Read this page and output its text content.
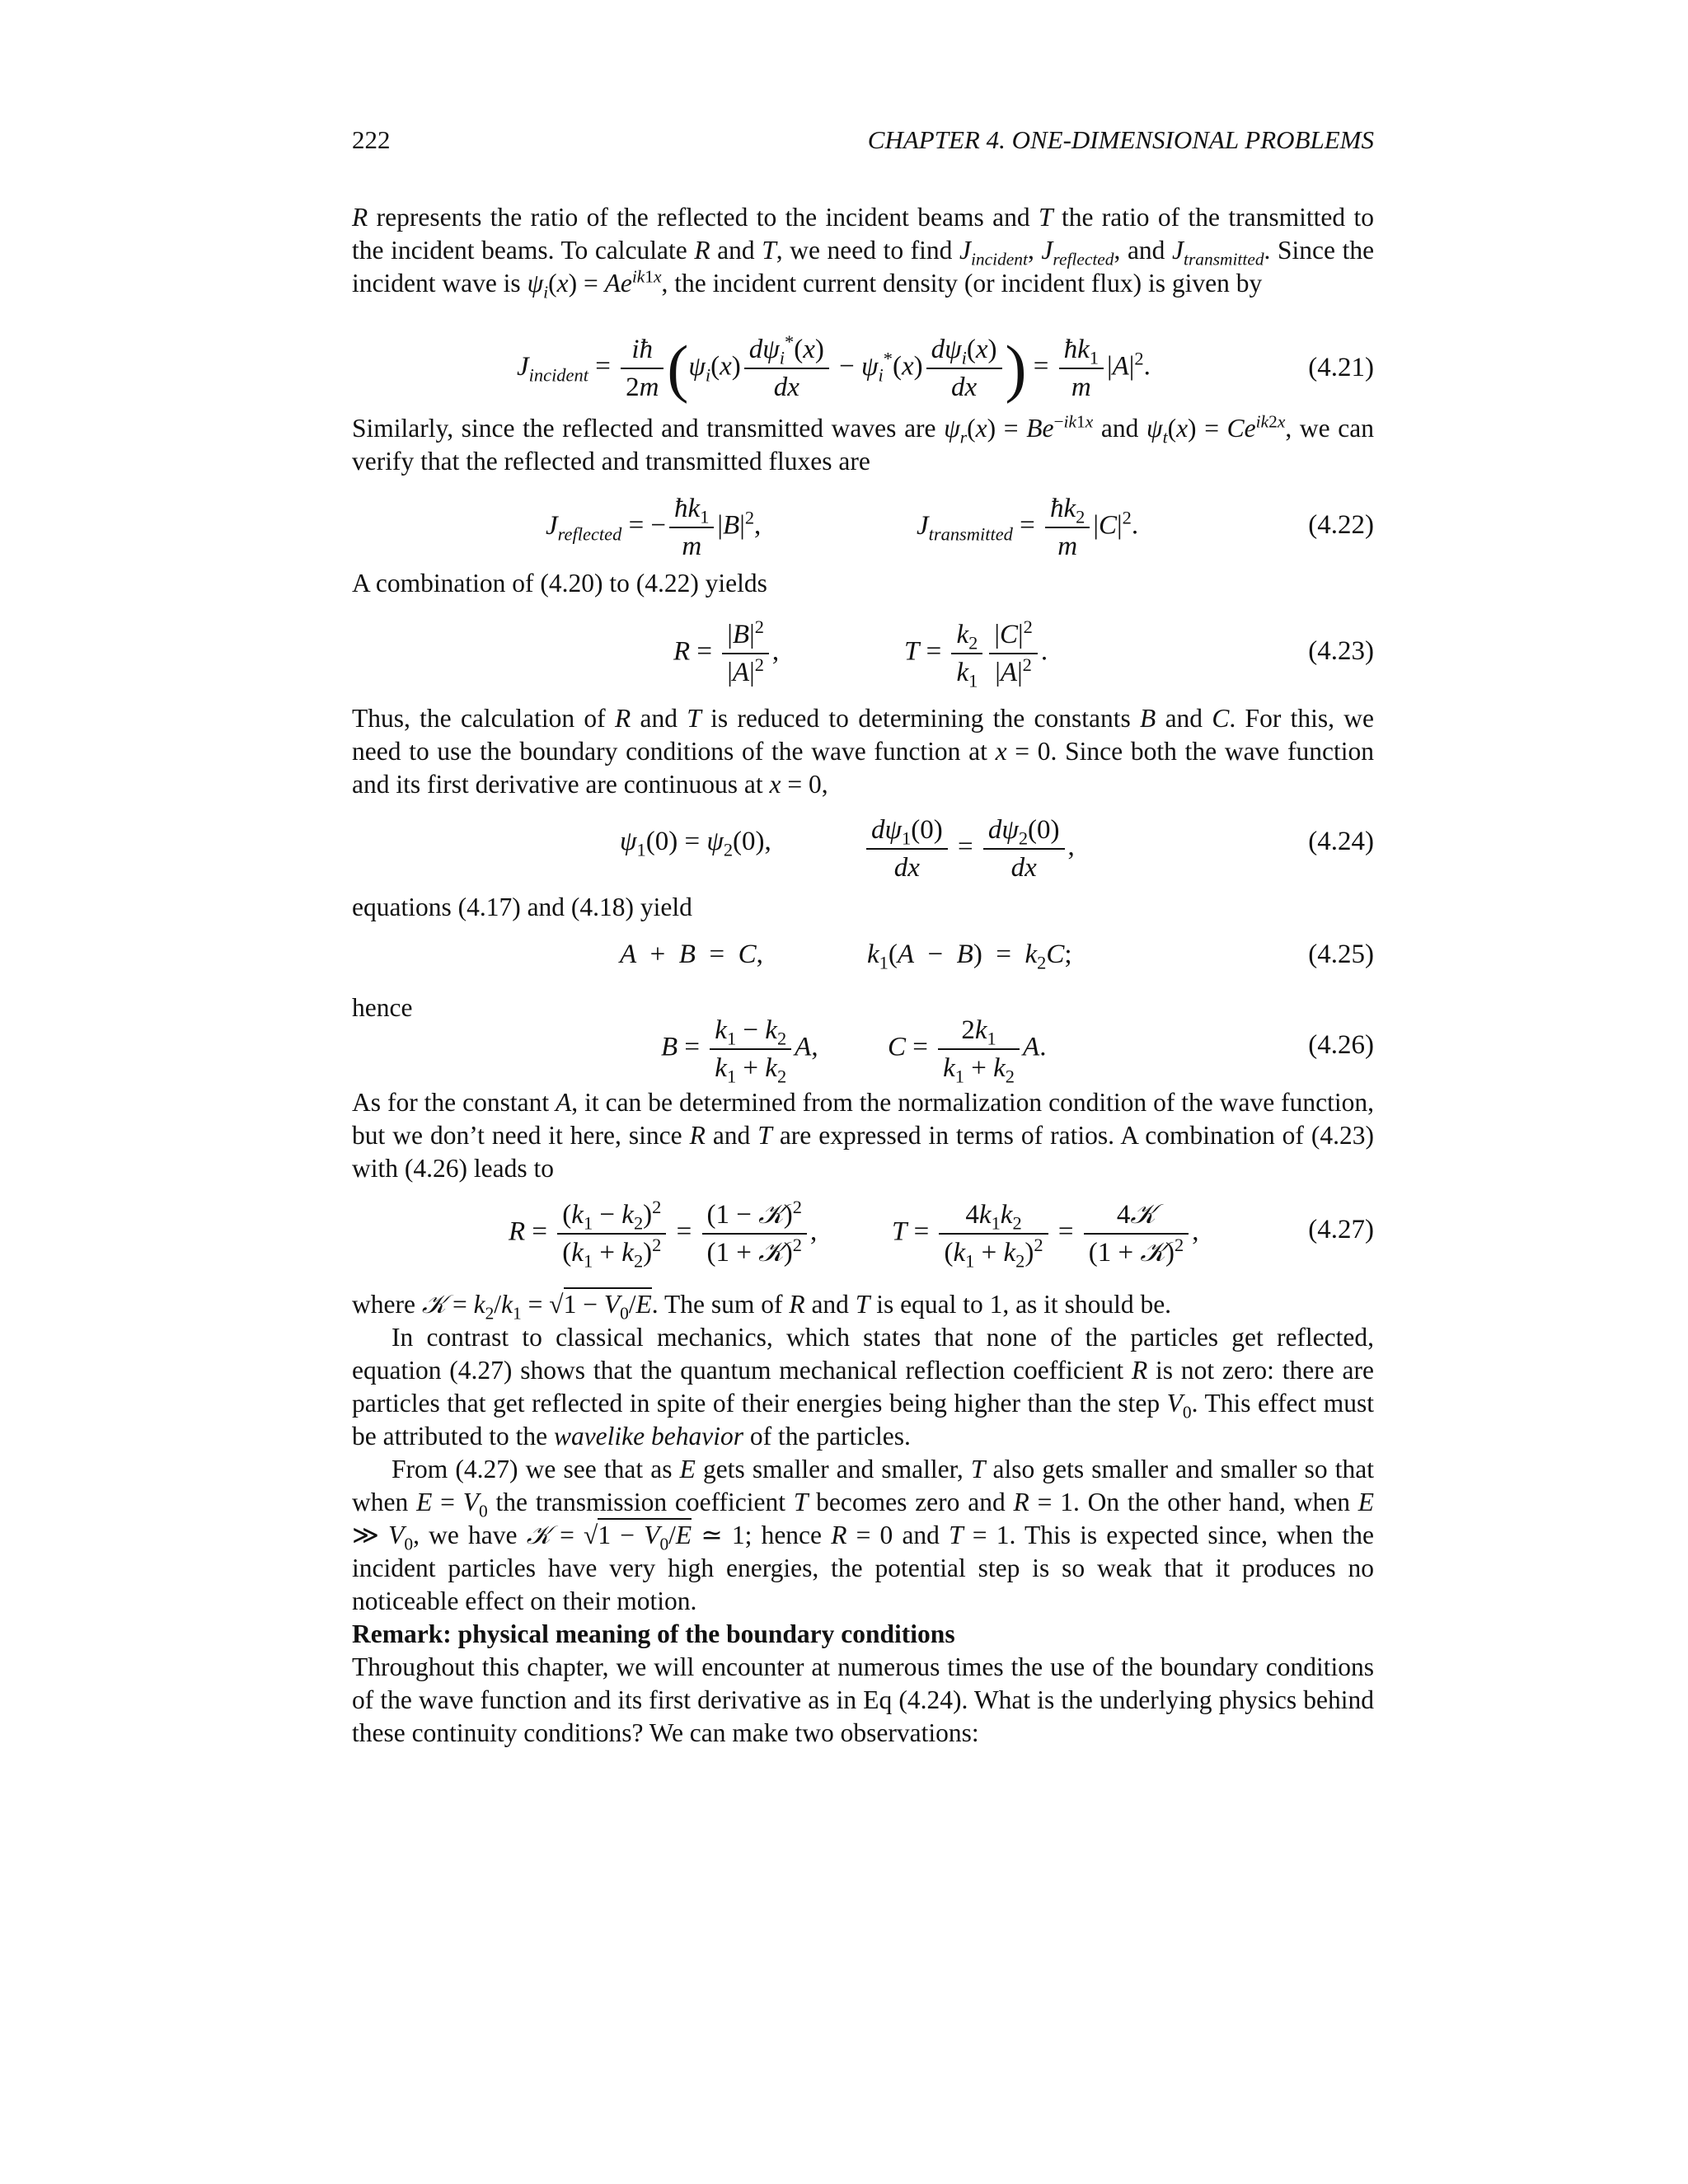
222	CHAPTER 4. ONE-DIMENSIONAL PROBLEMS

R represents the ratio of the reflected to the incident beams and T the ratio of the transmitted to the incident beams. To calculate R and T, we need to find $J_{incident}$, $J_{reflected}$, and $J_{transmitted}$. Since the incident wave is $\psi_i(x) = Ae^{ik1x}$, the incident current density (or incident flux) is given by

$J_{incident} = \frac{iħ}{2m} (\psi_i(x) \frac{d\psi_i^*(x)}{dx} - \psi_i^*(x) \frac{d\psi_i(x)}{dx}$ ) = $\frac{ħk_1}{m} |A|^2$.	(4.21)

Similarly, since the reflected and transmitted waves are $\psi_r(x) = Be^{-ik1x}$ and $\psi_t(x) = Ce^{ik2x}$, we can verify that the reflected and transmitted fluxes are

$J_{reflected}$ = − $\frac{ħk_1}{m} |B|^2$,	$J_{transmitted} = \frac{ħk_2}{m} |C|^2$.	(4.22)

A combination of (4.20) to (4.22) yields

$R = \frac{|B|^2}{|A|^2}$ ,	$T = \frac{k_2}{k_1} \frac{|C|^2}{|A|^2}$ .	(4.23)

Thus, the calculation of R and T is reduced to determining the constants B and C. For this, we need to use the boundary conditions of the wave function at x = 0. Since both the wave function and its first derivative are continuous at x = 0,

$\psi_1(0) = \psi_2(0)$,	$\frac{d\psi_1(0)}{dx} = \frac{d\psi_2(0)}{dx}$ ,	(4.24)

equations (4.17) and (4.18) yield

A  +  B  =  C,	$k_1(A - B) = k_2C$;	(4.25)

hence

$B = \frac{k_1 - k_2}{k_1 + k_2} A$,	$C = \frac{2k_1}{k_1 + k_2} A$.	(4.26)

As for the constant A, it can be determined from the normalization condition of the wave function, but we don’t need it here, since R and T are expressed in terms of ratios. A combination of (4.23) with (4.26) leads to

$R = \frac{(k_1 - k_2)^2}{(k_1 + k_2)^2} = \frac{(1 - 𝒦)^2}{(1 + 𝒦)^2}$ ,	$T = \frac{4k_1k_2}{(k_1 + k_2)^2} = \frac{\text{4𝒦}}{(1 + 𝒦)^2}$ ,	(4.27)

where 𝒦 = $k_2/k_1 = √1 - V_0/E$. The sum of R and T is equal to 1, as it should be.

In contrast to classical mechanics, which states that none of the particles get reflected, equation (4.27) shows that the quantum mechanical reflection coefficient R is not zero: there are particles that get reflected in spite of their energies being higher than the step $V_0$. This effect must be attributed to the wavelike behavior of the particles.

From (4.27) we see that as E gets smaller and smaller, T also gets smaller and smaller so that when $E = V_0$ the transmission coefficient T becomes zero and R = 1. On the other hand, when E ≫ $V_0$, we have 𝒦 = $√1 - V_0/E$ ≃ 1; hence R = 0 and T = 1. This is expected since, when the incident particles have very high energies, the potential step is so weak that it produces no noticeable effect on their motion.

Remark: physical meaning of the boundary conditions

Throughout this chapter, we will encounter at numerous times the use of the boundary conditions of the wave function and its first derivative as in Eq (4.24). What is the underlying physics behind these continuity conditions? We can make two observations:
